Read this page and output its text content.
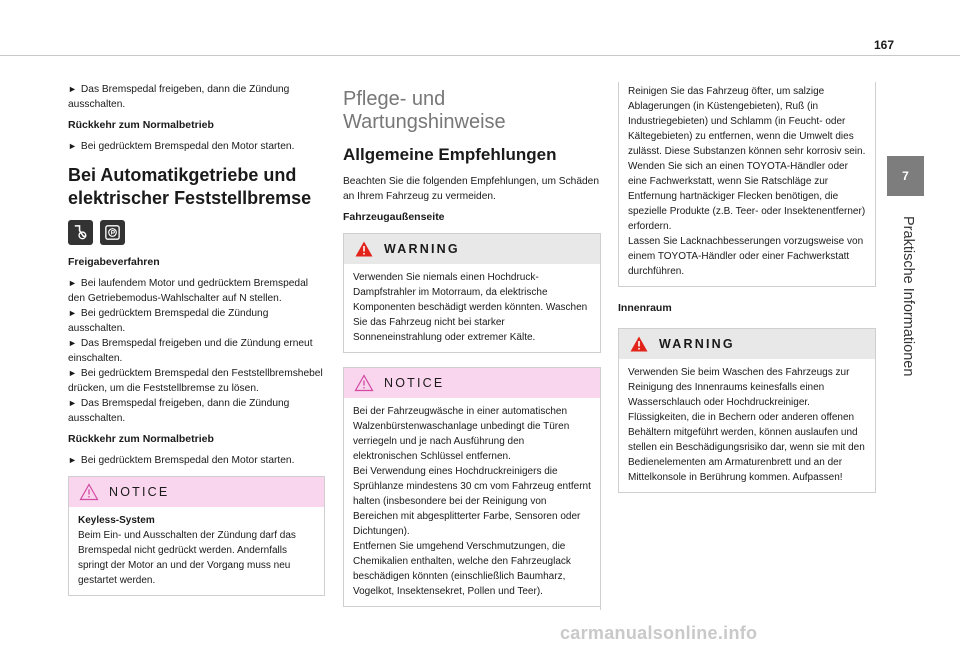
167
7
Praktische Informationen

► Das Bremspedal freigeben, dann die Zündung ausschalten.

Rückkehr zum Normalbetrieb

► Bei gedrücktem Bremspedal den Motor starten.

Bei Automatikgetriebe und elektrischer Feststellbremse
Freigabeverfahren

► Bei laufendem Motor und gedrücktem Bremspedal den Getriebemodus-Wahlschalter auf N stellen.

► Bei gedrücktem Bremspedal die Zündung ausschalten.

► Das Bremspedal freigeben und die Zündung erneut einschalten.

► Bei gedrücktem Bremspedal den Feststellbremshebel drücken, um die Feststellbremse zu lösen.

► Das Bremspedal freigeben, dann die Zündung ausschalten.

Rückkehr zum Normalbetrieb

► Bei gedrücktem Bremspedal den Motor starten.

NOTICE

Keyless-System

Beim Ein- und Ausschalten der Zündung darf das Bremspedal nicht gedrückt werden. Andernfalls springt der Motor an und der Vorgang muss neu gestartet werden.

Pflege- und Wartungshinweise
Allgemeine Empfehlungen

Beachten Sie die folgenden Empfehlungen, um Schäden an Ihrem Fahrzeug zu vermeiden.

Fahrzeugaußenseite
WARNING

Verwenden Sie niemals einen Hochdruck-Dampfstrahler im Motorraum, da elektrische Komponenten beschädigt werden könnten. Waschen Sie das Fahrzeug nicht bei starker Sonneneinstrahlung oder extremer Kälte.

NOTICE

Bei der Fahrzeugwäsche in einer automatischen Walzenbürstenwaschanlage unbedingt die Türen verriegeln und je nach Ausführung den elektronischen Schlüssel entfernen.

Bei Verwendung eines Hochdruckreinigers die Sprühlanze mindestens 30 cm vom Fahrzeug entfernt halten (insbesondere bei der Reinigung von Bereichen mit abgesplitterter Farbe, Sensoren oder Dichtungen).

Entfernen Sie umgehend Verschmutzungen, die Chemikalien enthalten, welche den Fahrzeuglack beschädigen könnten (einschließlich Baumharz, Vogelkot, Insektensekret, Pollen und Teer).

Reinigen Sie das Fahrzeug öfter, um salzige Ablagerungen (in Küstengebieten), Ruß (in Industriegebieten) und Schlamm (in Feucht- oder Kältegebieten) zu entfernen, wenn die Umwelt dies zulässt. Diese Substanzen können sehr korrosiv sein.

Wenden Sie sich an einen TOYOTA-Händler oder eine Fachwerkstatt, wenn Sie Ratschläge zur Entfernung hartnäckiger Flecken benötigen, die spezielle Produkte (z.B. Teer- oder Insektenentferner) erfordern.

Lassen Sie Lacknachbesserungen vorzugsweise von einem TOYOTA-Händler oder einer Fachwerkstatt durchführen.

Innenraum
WARNING

Verwenden Sie beim Waschen des Fahrzeugs zur Reinigung des Innenraums keinesfalls einen Wasserschlauch oder Hochdruckreiniger. Flüssigkeiten, die in Bechern oder anderen offenen Behältern mitgeführt werden, können auslaufen und stellen ein Beschädigungsrisiko dar, wenn sie mit den Bedienelementen am Armaturenbrett und an der Mittelkonsole in Berührung kommen. Aufpassen!

carmanualsonline.info
